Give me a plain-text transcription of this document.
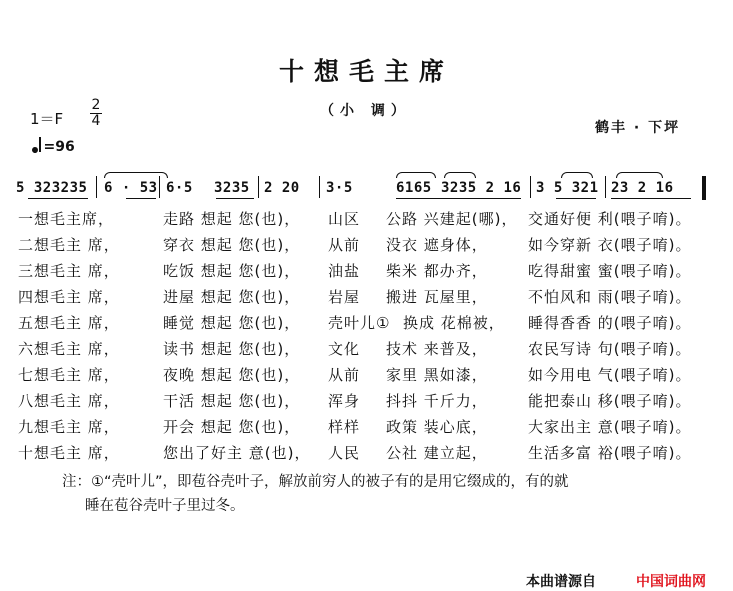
十想毛主席
（小 调）
鹤丰 · 下坪
1＝F
2
4
=96
5 323235 6 · 53 6·5 3235 2 20 3·5	6165 3235 2 16 3 5 321 23 2 16
一想毛主席，	走路 想起 您(也)， 山区 公路 兴建起(哪)， 交通好便 利(喂子唷)。
二想毛主 席，	穿衣 想起 您(也)， 从前 没衣 遮身体，	如今穿新 衣(喂子唷)。
三想毛主 席，	吃饭 想起 您(也)， 油盐 柴米 都办齐，	吃得甜蜜 蜜(喂子唷)。
四想毛主 席，	进屋 想起 您(也)， 岩屋 搬进 瓦屋里，	不怕风和 雨(喂子唷)。
五想毛主 席，	睡觉 想起 您(也)， 壳叶儿① 换成 花棉被， 睡得香香 的(喂子唷)。
六想毛主 席，	读书 想起 您(也)， 文化 技术 来普及，	农民写诗 句(喂子唷)。
七想毛主 席，	夜晚 想起 您(也)， 从前 家里 黑如漆，	如今用电 气(喂子唷)。
八想毛主 席，	干活 想起 您(也)， 浑身 抖抖 千斤力，	能把泰山 移(喂子唷)。
九想毛主 席，	开会 想起 您(也)， 样样 政策 装心底，	大家出主 意(喂子唷)。
十想毛主 席，	您出了好主 意(也)， 人民 公社 建立起，	生活多富 裕(喂子唷)。
注：①“壳叶儿”，即苞谷壳叶子，解放前穷人的被子有的是用它缀成的，有的就
睡在苞谷壳叶子里过冬。
本曲谱源自	中国词曲网
